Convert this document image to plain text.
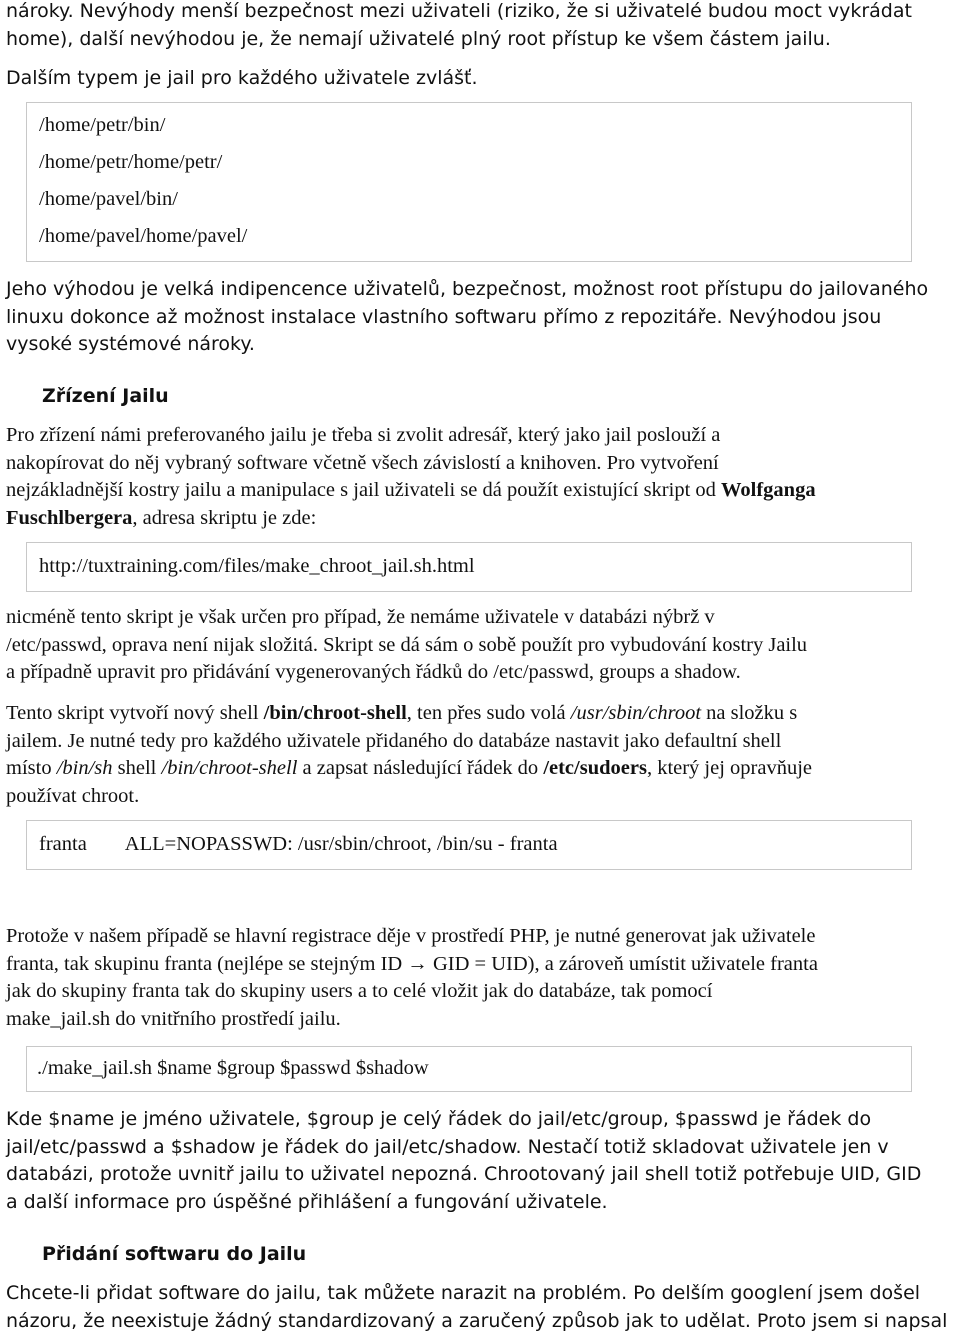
nároky. Nevýhody menší bezpečnost mezi uživateli (riziko, že si uživatelé budou moct vykrádat

home), další nevýhodou je, že nemají uživatelé plný root přístup ke všem částem jailu.

Dalším typem je jail pro každého uživatele zvlášť.

/home/petr/bin/
/home/petr/home/petr/
/home/pavel/bin/
/home/pavel/home/pavel/

Jeho výhodou je velká indipencence uživatelů, bezpečnost, možnost root přístupu do jailovaného

linuxu dokonce až možnost instalace vlastního softwaru přímo z repozitáře. Nevýhodou jsou

vysoké systémové nároky.

Zřízení Jailu

Pro zřízení námi preferovaného jailu je třeba si zvolit adresář, který jako jail poslouží a

nakopírovat do něj vybraný software včetně všech závislostí a knihoven. Pro vytvoření

nejzákladnější kostry jailu a manipulace s jail uživateli se dá použít existující skript od Wolfganga

Fuschlbergera, adresa skriptu je zde:

http://tuxtraining.com/files/make_chroot_jail.sh.html

nicméně tento skript je však určen pro případ, že nemáme uživatele v databázi nýbrž v

/etc/passwd, oprava není nijak složitá. Skript se dá sám o sobě použít pro vybudování kostry Jailu

a případně upravit pro přidávání vygenerovaných řádků do /etc/passwd, groups a shadow.

Tento skript vytvoří nový shell /bin/chroot-shell, ten přes sudo volá /usr/sbin/chroot na složku s

jailem. Je nutné tedy pro každého uživatele přidaného do databáze nastavit jako defaultní shell

místo /bin/sh shell /bin/chroot-shell a zapsat následující řádek do /etc/sudoers, který jej opravňuje

používat chroot.

franta ALL=NOPASSWD: /usr/sbin/chroot, /bin/su - franta

Protože v našem případě se hlavní registrace děje v prostředí PHP, je nutné generovat jak uživatele

franta, tak skupinu franta (nejlépe se stejným ID → GID = UID), a zároveň umístit uživatele franta

jak do skupiny franta tak do skupiny users a to celé vložit jak do databáze, tak pomocí

make_jail.sh do vnitřního prostředí jailu.

./make_jail.sh $name $group $passwd $shadow

Kde $name je jméno uživatele, $group je celý řádek do jail/etc/group, $passwd je řádek do

jail/etc/passwd a $shadow je řádek do jail/etc/shadow. Nestačí totiž skladovat uživatele jen v

databázi, protože uvnitř jailu to uživatel nepozná. Chrootovaný jail shell totiž potřebuje UID, GID

a další informace pro úspěšné přihlášení a fungování uživatele.

Přidání softwaru do Jailu

Chcete-li přidat software do jailu, tak můžete narazit na problém. Po delším googlení jsem došel

názoru, že neexistuje žádný standardizovaný a zaručený způsob jak to udělat. Proto jsem si napsal
